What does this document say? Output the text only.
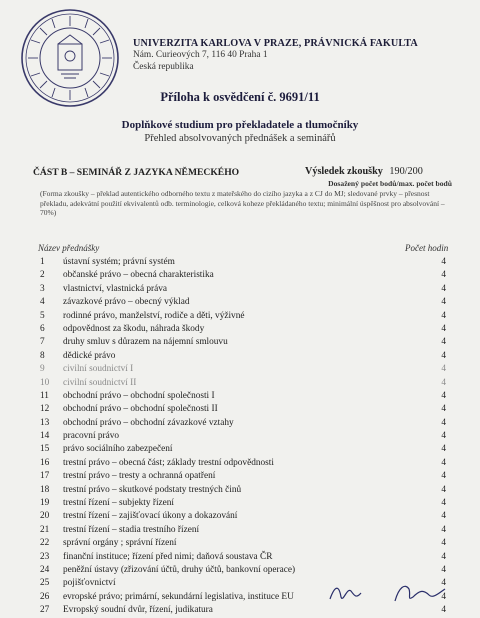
UNIVERZITA KARLOVA V PRAZE, PRÁVNICKÁ FAKULTA
Nám. Curieových 7, 116 40 Praha 1
Česká republika
Příloha k osvědčení č. 9691/11
Doplňkové studium pro překladatele a tlumočníky
Přehled absolvovaných přednášek a seminářů
ČÁST B – SEMINÁŘ Z JAZYKA NĚMECKÉHO	Výsledek zkoušky 190/200
Dosažený počet bodů/max. počet bodů
(Forma zkoušky – překlad autentického odborného textu z mateřského do cizího jazyka a z CJ do MJ; sledované prvky – přesnost překladu, adekvátní použití ekvivalentů odb. terminologie, celková koheze překládaného textu; minimální úspěšnost pro absolvování – 70%)
Název přednášky	Počet hodin
1	ústavní systém; právní systém	4
2	občanské právo – obecná charakteristika	4
3	vlastnictví, vlastnická práva	4
4	závazkové právo – obecný výklad	4
5	rodinné právo, manželství, rodiče a děti, výživné	4
6	odpovědnost za škodu, náhrada škody	4
7	druhy smluv s důrazem na nájemní smlouvu	4
8	dědické právo	4
9	civilní soudnictví I	4
10	civilní soudnictví II	4
11	obchodní právo – obchodní společnosti I	4
12	obchodní právo – obchodní společnosti II	4
13	obchodní právo – obchodní závazkové vztahy	4
14	pracovní právo	4
15	právo sociálního zabezpečení	4
16	trestní právo – obecná část; základy trestní odpovědnosti	4
17	trestní právo – tresty a ochranná opatření	4
18	trestní právo – skutkové podstaty trestných činů	4
19	trestní řízení – subjekty řízení	4
20	trestní řízení – zajišťovací úkony a dokazování	4
21	trestní řízení – stadia trestního řízení	4
22	správní orgány ; správní řízení	4
23	finanční instituce; řízení před nimi; daňová soustava ČR	4
24	peněžní ústavy (zřizování účtů, druhy účtů, bankovní operace)	4
25	pojišťovnictví	4
26	evropské právo; primární, sekundární legislativa, instituce EU	4
27	Evropský soudní dvůr, řízení, judikatura	4
